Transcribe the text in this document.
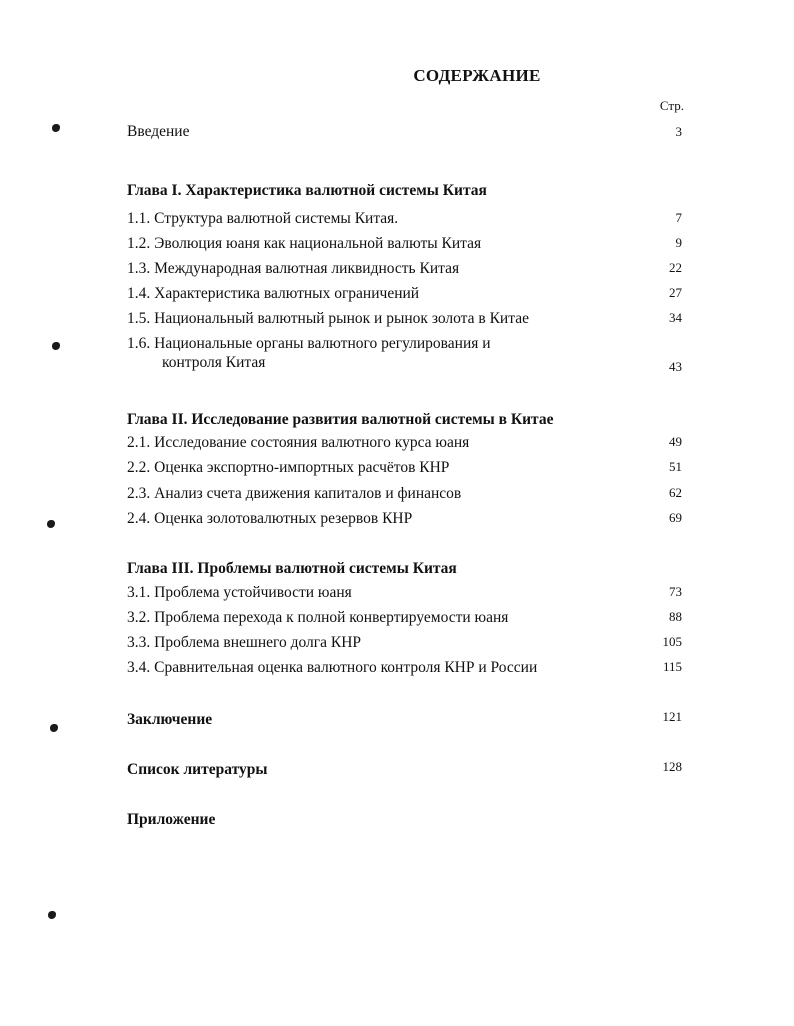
СОДЕРЖАНИЕ
Стр.
Введение	3
Глава I. Характеристика валютной системы Китая
1.1. Структура валютной системы Китая.	7
1.2. Эволюция юаня как национальной валюты Китая	9
1.3. Международная валютная ликвидность Китая	22
1.4. Характеристика валютных ограничений	27
1.5. Национальный валютный рынок и рынок золота в Китае	34
1.6. Национальные органы валютного регулирования и
контроля Китая	43
Глава II. Исследование развития валютной системы в Китае
2.1. Исследование состояния валютного курса юаня	49
2.2. Оценка экспортно-импортных расчётов КНР	51
2.3. Анализ счета движения капиталов и финансов	62
2.4. Оценка золотовалютных резервов КНР	69
Глава III. Проблемы валютной системы Китая
3.1. Проблема устойчивости юаня	73
3.2. Проблема перехода к полной конвертируемости юаня	88
3.3. Проблема внешнего долга КНР	105
3.4. Сравнительная оценка валютного контроля КНР и России	115
Заключение	121
Список литературы	128
Приложение
